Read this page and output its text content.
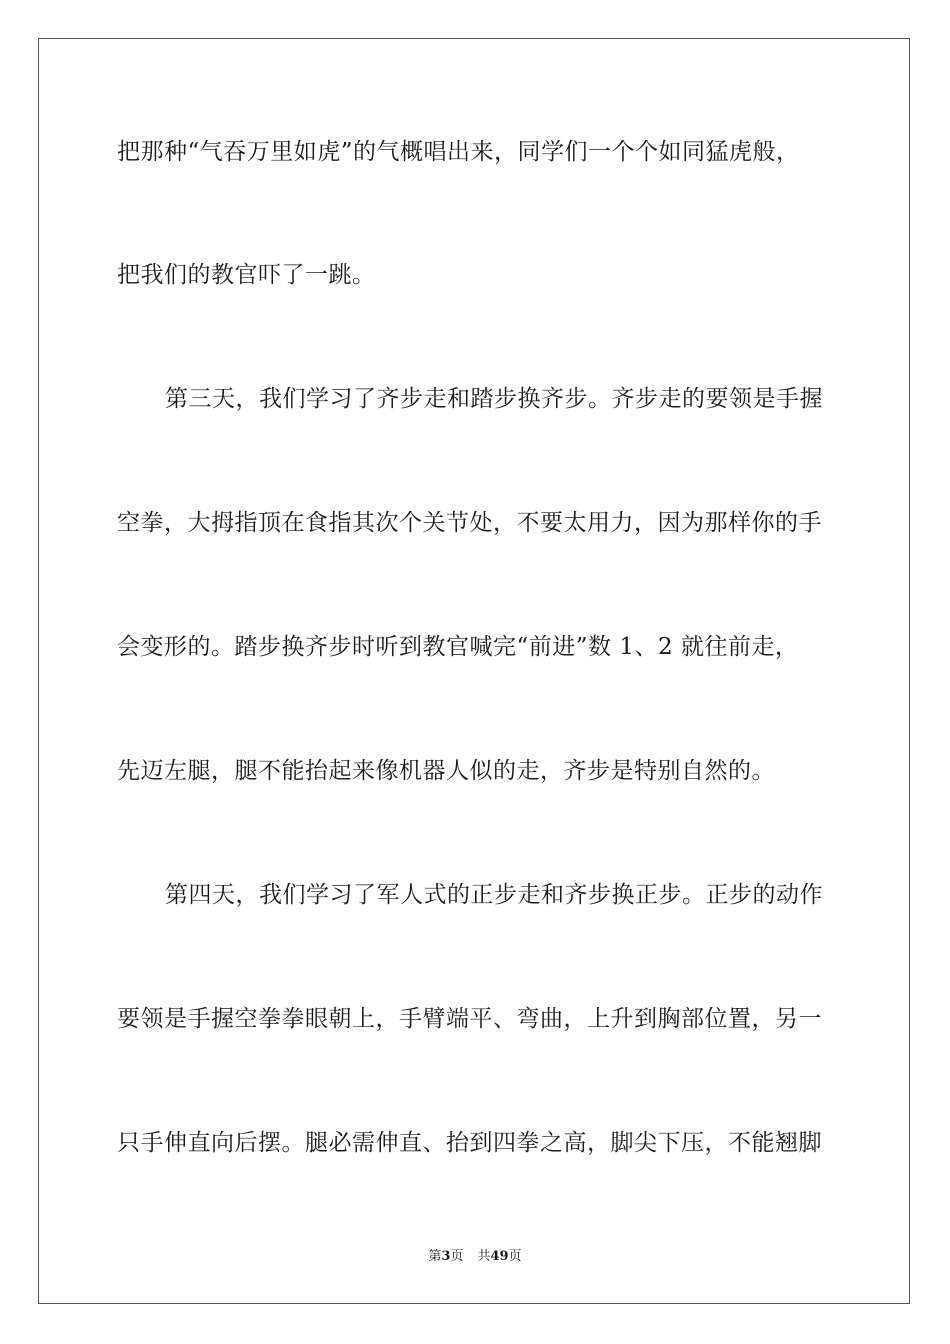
把那种“气吞万里如虎”的气概唱出来，同学们一个个如同猛虎般，
把我们的教官吓了一跳。
第三天，我们学习了齐步走和踏步换齐步。齐步走的要领是手握
空拳，大拇指顶在食指其次个关节处，不要太用力，因为那样你的手
会变形的。踏步换齐步时听到教官喊完“前进”数 1、2 就往前走，
先迈左腿，腿不能抬起来像机器人似的走，齐步是特别自然的。
第四天，我们学习了军人式的正步走和齐步换正步。正步的动作
要领是手握空拳拳眼朝上，手臂端平、弯曲，上升到胸部位置，另一
只手伸直向后摆。腿必需伸直、抬到四拳之高，脚尖下压，不能翘脚
第3页 共49页
